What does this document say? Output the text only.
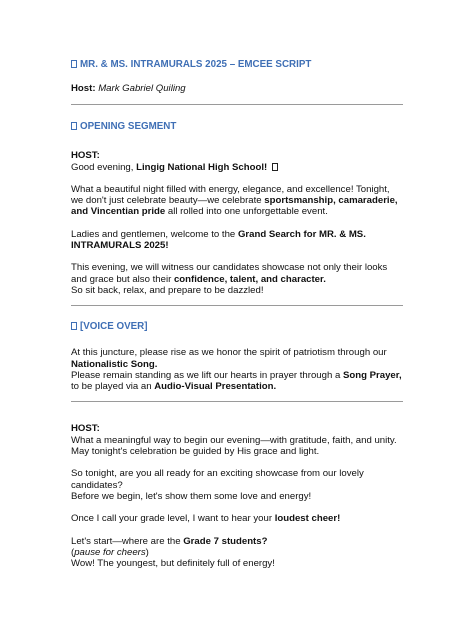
MR. & MS. INTRAMURALS 2025 – EMCEE SCRIPT

Host: Mark Gabriel Quiling

OPENING SEGMENT

HOST:

Good evening, Lingig National High School!

What a beautiful night filled with energy, elegance, and excellence! Tonight, we don't just celebrate beauty—we celebrate sportsmanship, camaraderie, and Vincentian pride all rolled into one unforgettable event.

Ladies and gentlemen, welcome to the Grand Search for MR. & MS. INTRAMURALS 2025!

This evening, we will witness our candidates showcase not only their looks and grace but also their confidence, talent, and character.
So sit back, relax, and prepare to be dazzled!

[VOICE OVER]

At this juncture, please rise as we honor the spirit of patriotism through our Nationalistic Song.

Please remain standing as we lift our hearts in prayer through a Song Prayer, to be played via an Audio-Visual Presentation.

HOST:

What a meaningful way to begin our evening—with gratitude, faith, and unity. May tonight's celebration be guided by His grace and light.

So tonight, are you all ready for an exciting showcase from our lovely candidates?
Before we begin, let's show them some love and energy!

Once I call your grade level, I want to hear your loudest cheer!

Let's start—where are the Grade 7 students?
(pause for cheers)
Wow! The youngest, but definitely full of energy!
